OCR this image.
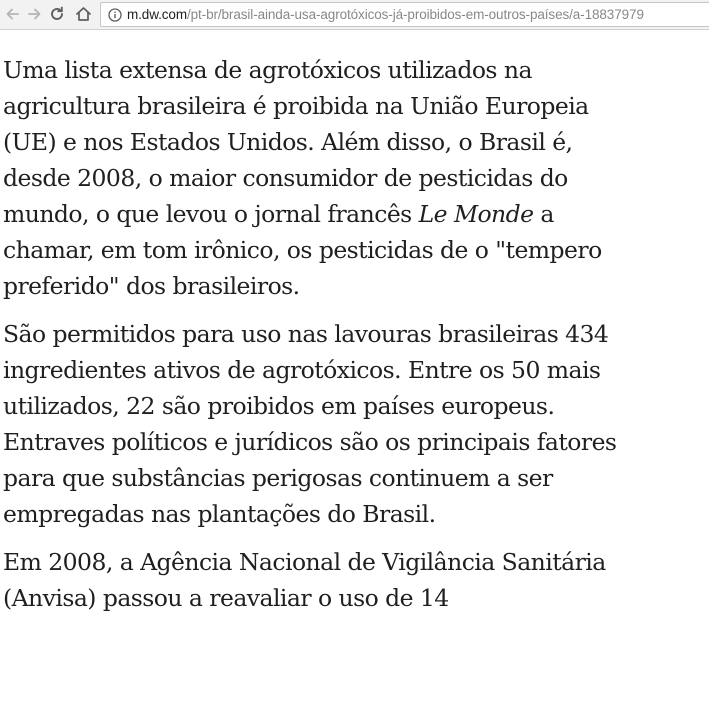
m.dw.com/pt-br/brasil-ainda-usa-agrotóxicos-já-proibidos-em-outros-países/a-18837979

Uma lista extensa de agrotóxicos utilizados na agricultura brasileira é proibida na União Europeia (UE) e nos Estados Unidos. Além disso, o Brasil é, desde 2008, o maior consumidor de pesticidas do mundo, o que levou o jornal francês Le Monde a chamar, em tom irônico, os pesticidas de o "tempero preferido" dos brasileiros.

São permitidos para uso nas lavouras brasileiras 434 ingredientes ativos de agrotóxicos. Entre os 50 mais utilizados, 22 são proibidos em países europeus. Entraves políticos e jurídicos são os principais fatores para que substâncias perigosas continuem a ser empregadas nas plantações do Brasil.

Em 2008, a Agência Nacional de Vigilância Sanitária (Anvisa) passou a reavaliar o uso de 14
